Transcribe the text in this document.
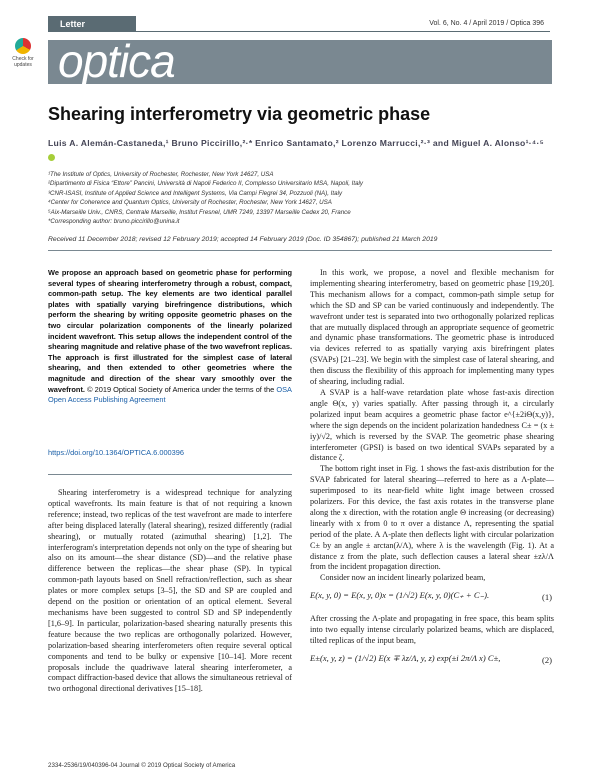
Letter	Vol. 6, No. 4 / April 2019 / Optica 396
Check for updates optica
Shearing interferometry via geometric phase
Luis A. Alemán-Castaneda,¹ Bruno Piccirillo,²·* Enrico Santamato,² Lorenzo Marrucci,²·³ and Miguel A. Alonso¹·⁴·⁵
¹The Institute of Optics, University of Rochester, Rochester, New York 14627, USA
²Dipartimento di Fisica “Ettore” Pancini, Università di Napoli Federico II, Complesso Universitario MSA, Napoli, Italy
³CNR-ISASI, Institute of Applied Science and Intelligent Systems, Via Campi Flegrei 34, Pozzuoli (NA), Italy
⁴Center for Coherence and Quantum Optics, University of Rochester, Rochester, New York 14627, USA
⁵Aix-Marseille Univ., CNRS, Centrale Marseille, Institut Fresnel, UMR 7249, 13397 Marseille Cedex 20, France
*Corresponding author: bruno.piccirillo@unina.it
Received 11 December 2018; revised 12 February 2019; accepted 14 February 2019 (Doc. ID 354867); published 21 March 2019
We propose an approach based on geometric phase for performing several types of shearing interferometry through a robust, compact, common-path setup. The key elements are two identical parallel plates with spatially varying birefringence distributions, which perform the shearing by writing opposite geometric phases on the two circular polarization components of the linearly polarized incident wavefront. This setup allows the independent control of the shearing magnitude and relative phase of the two wavefront replicas. The approach is first illustrated for the simplest case of lateral shearing, and then extended to other geometries where the magnitude and direction of the shear vary smoothly over the wavefront. © 2019 Optical Society of America under the terms of the OSA Open Access Publishing Agreement
https://doi.org/10.1364/OPTICA.6.000396

Shearing interferometry is a widespread technique for analyzing optical wavefronts. Its main feature is that of not requiring a known reference; instead, two replicas of the test wavefront are made to interfere after being displaced laterally (lateral shearing), resized differently (radial shearing), or mutually rotated (azimuthal shearing) [1,2]. The interferogram's interpretation depends not only on the type of shearing but also on its amount—the shear distance (SD)—and the relative phase difference between the replicas—the shear phase (SP). In typical common-path layouts based on Snell refraction/reflection, such as shear plates or more complex setups [3–5], the SD and SP are coupled and depend on the position or orientation of an optical element. Several mechanisms have been suggested to control SD and SP independently [1,6–9]. In particular, polarization-based shearing naturally presents this feature because the two replicas are orthogonally polarized. However, polarization-based shearing interferometers often require several optical components and tend to be bulky or expensive [10–14]. More recent proposals include the quadriwave lateral shearing interferometer, a compact diffraction-based device that allows the simultaneous retrieval of two orthogonal directional derivatives [15–18].

In this work, we propose, a novel and flexible mechanism for implementing shearing interferometry, based on geometric phase [19,20]. This mechanism allows for a compact, common-path simple setup for which the SD and SP can be varied continuously and independently. The wavefront under test is separated into two orthogonally polarized replicas that are mutually displaced through an appropriate sequence of geometric and dynamic phase transformations. The geometric phase is introduced via devices referred to as spatially varying axis birefringent plates (SVAPs) [21–23]. We begin with the simplest case of lateral shearing, and then discuss the flexibility of this approach for implementing many types of shearing, including radial.

A SVAP is a half-wave retardation plate whose fast-axis direction angle Θ(x, y) varies spatially. After passing through it, a circularly polarized input beam acquires a geometric phase factor e^{±2iΘ(x,y)}, where the sign depends on the incident polarization handedness C± = (x ± iy)/√2, which is reversed by the SVAP. The geometric phase shearing interferometer (GPSI) is based on two identical SVAPs separated by a distance ζ.

The bottom right inset in Fig. 1 shows the fast-axis distribution for the SVAP fabricated for lateral shearing—referred to here as a Λ-plate—superimposed to its near-field white light image between crossed polarizers. For this device, the fast axis rotates in the transverse plane along the x direction, with the rotation angle Θ increasing (or decreasing) linearly with x from 0 to π over a distance Λ, representing the spatial period of the plate. A Λ-plate then deflects light with circular polarization C± by an angle ± arctan(λ/Λ), where λ is the wavelength (Fig. 1). At a distance z from the plate, such deflection causes a lateral shear ±zλ/Λ from the incident propagation direction.

Consider now an incident linearly polarized beam,

E(x, y, 0) = E(x, y, 0)x = (1/√2) E(x, y, 0)(C₊ + C₋).	(1)

After crossing the Λ-plate and propagating in free space, this beam splits into two equally intense circularly polarized beams, which are displaced, tilted replicas of the input beam,

E±(x, y, z) = (1/√2) E(x ∓ λz/Λ, y, z) exp(±i 2π/Λ x) C±,	(2)
2334-2536/19/040396-04 Journal © 2019 Optical Society of America
